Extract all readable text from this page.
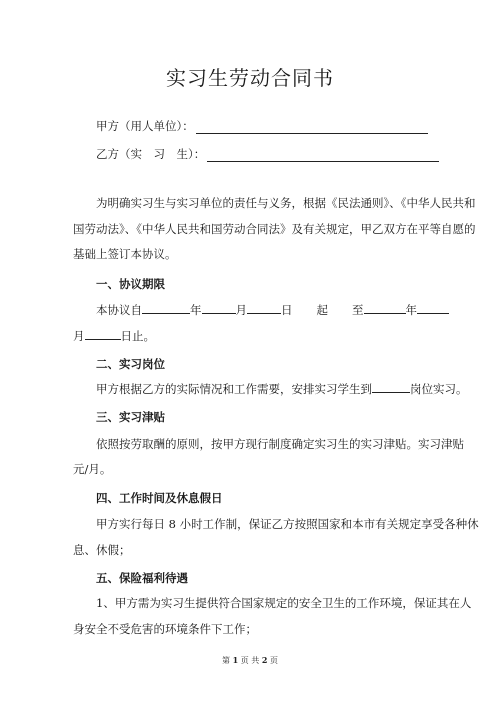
实习生劳动合同书
甲方（用人单位）：
乙方（实　习　生）：
为明确实习生与实习单位的责任与义务，根据《民法通则》、《中华人民共和
国劳动法》、《中华人民共和国劳动合同法》及有关规定，甲乙双方在平等自愿的
基础上签订本协议。
一、协议期限
本协议自	年	月	日 起 至	年
月	日止。
二、实习岗位
甲方根据乙方的实际情况和工作需要，安排实习学生到	岗位实习。
三、实习津贴
依照按劳取酬的原则，按甲方现行制度确定实习生的实习津贴。实习津贴
元/月。
四、工作时间及休息假日
甲方实行每日 8 小时工作制，保证乙方按照国家和本市有关规定享受各种休
息、休假；
五、保险福利待遇
1、甲方需为实习生提供符合国家规定的安全卫生的工作环境，保证其在人
身安全不受危害的环境条件下工作；
第 1 页 共 2 页
